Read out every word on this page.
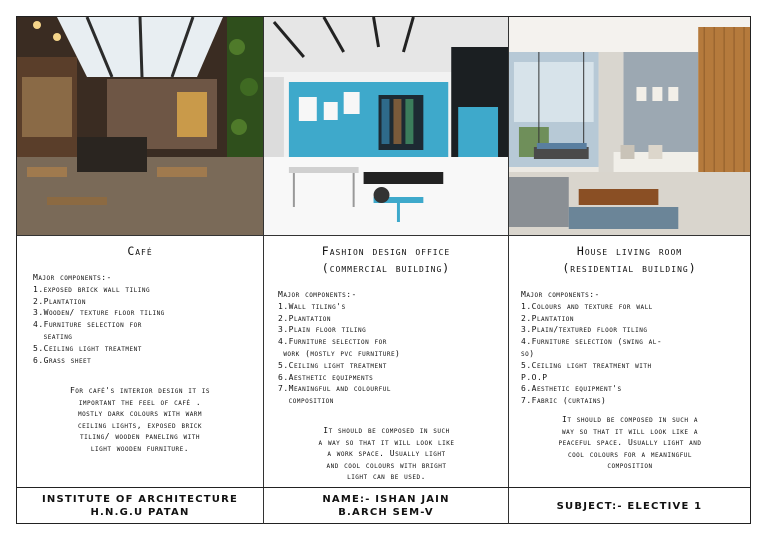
Café
Major components:-
1.exposed brick wall tiling
2.Plantation
3.Wooden/ texture floor tiling
4.Furniture selection for
seating
5.Ceiling light treatment
6.Grass sheet
For café's interior design it is
important the feel of café .
mostly dark colours with warm
ceiling lights, exposed brick
tiling/ wooden paneling with
light wooden furniture.
Fashion design office
(commercial building)
Major components:-
1.Wall tiling's
2.Plantation
3.Plain floor tiling
4.Furniture selection for
work (mostly pvc furniture)
5.Ceiling light treatment
6.Aesthetic equipments
7.Meaningful and colourful
composition
It should be composed in such
a way so that it will look like
a work space. Usually light
and cool colours with bright
light can be used.
House living room
(residential building)
Major components:-
1.Colours and texture for wall
2.Plantation
3.Plain/textured floor tiling
4.Furniture selection (swing al-
so)
5.Ceiling light treatment with
P.O.P
6.Aesthetic equipment's
7.Fabric (curtains)
It should be composed in such a
way so that it will look like a
peaceful space. Usually light and
cool colours for a meaningful
composition
INSTITUTE OF ARCHITECTURE
H.N.G.U PATAN
NAME:- ISHAN JAIN
B.ARCH SEM-V
SUBJECT:- ELECTIVE 1
